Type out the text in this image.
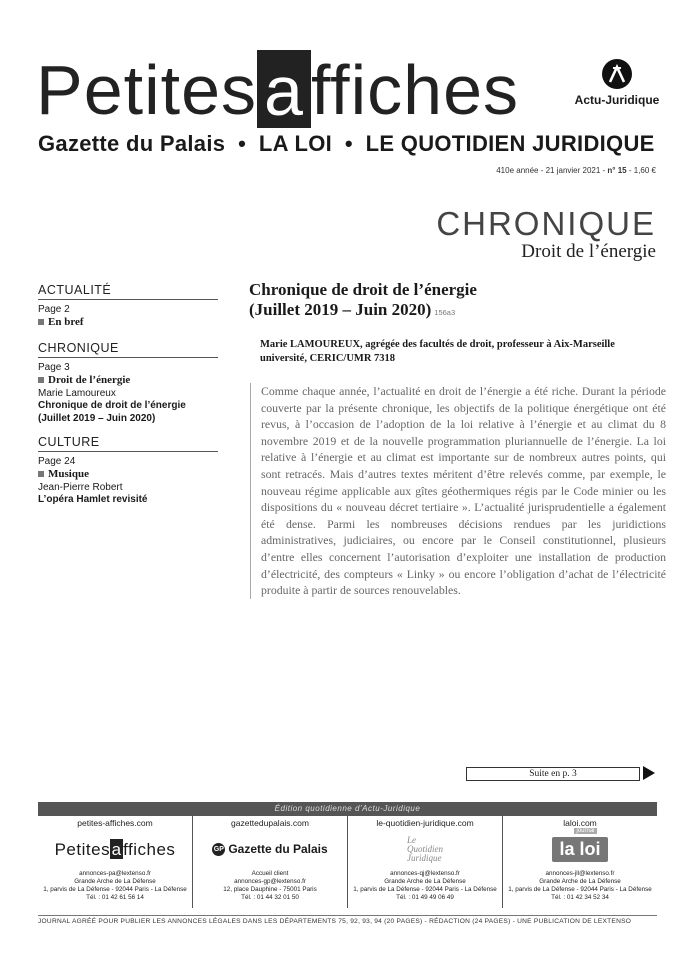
Petites a ffiches	Actu-Juridique
Gazette du Palais  •  LA LOI  •  LE QUOTIDIEN JURIDIQUE
410e année - 21 janvier 2021 - n° 15 - 1,60 €
CHRONIQUE
Droit de l’énergie
ACTUALITÉ
Page 2
En bref
CHRONIQUE
Page 3
Droit de l’énergie
Marie Lamoureux
Chronique de droit de l’énergie (Juillet 2019 – Juin 2020)
CULTURE
Page 24
Musique
Jean-Pierre Robert
L’opéra Hamlet revisité
Chronique de droit de l’énergie
(Juillet 2019 – Juin 2020) 156a3
Marie LAMOUREUX, agrégée des facultés de droit, professeur à Aix-Marseille université, CERIC/UMR 7318
Comme chaque année, l’actualité en droit de l’énergie a été riche. Durant la période couverte par la présente chronique, les objectifs de la politique énergétique ont été revus, à l’occasion de l’adoption de la loi relative à l’énergie et au climat du 8 novembre 2019 et de la nouvelle programmation pluriannuelle de l’énergie. La loi relative à l’énergie et au climat est importante sur de nombreux autres points, qui sont retracés. Mais d’autres textes méritent d’être relevés comme, par exemple, le nouveau régime applicable aux gîtes géothermiques régis par le Code minier ou les dispositions du « nouveau décret tertiaire ». L’actualité jurisprudentielle a également été dense. Parmi les nombreuses décisions rendues par les juridictions administratives, judiciaires, ou encore par le Conseil constitutionnel, plusieurs d’entre elles concernent l’autorisation d’exploiter une installation de production d’électricité, des compteurs « Linky » ou encore l’obligation d’achat de l’électricité produite à partir de sources renouvelables.
Suite en p. 3
Édition quotidienne d’Actu-Juridique
petites-affiches.com
Petitesaffiches
annonces-pa@lextenso.fr
Grande Arche de La Défense
1, parvis de La Défense - 92044 Paris - La Défense
Tél. : 01 42 61 56 14
gazettedupalais.com
GP Gazette du Palais
Accueil client
annonces-gp@lextenso.fr
12, place Dauphine - 75001 Paris
Tél. : 01 44 32 01 50
le-quotidien-juridique.com
Le
Quotidien
Juridique
annonces-qj@lextenso.fr
Grande Arche de La Défense
1, parvis de La Défense - 92044 Paris - La Défense
Tél. : 01 49 49 06 49
laloi.com
journal
la loi
annonces-jll@lextenso.fr
Grande Arche de La Défense
1, parvis de La Défense - 92044 Paris - La Défense
Tél. : 01 42 34 52 34
JOURNAL AGRÉÉ POUR PUBLIER LES ANNONCES LÉGALES DANS LES DÉPARTEMENTS 75, 92, 93, 94 (20 PAGES) - RÉDACTION (24 PAGES) - UNE PUBLICATION DE LEXTENSO
